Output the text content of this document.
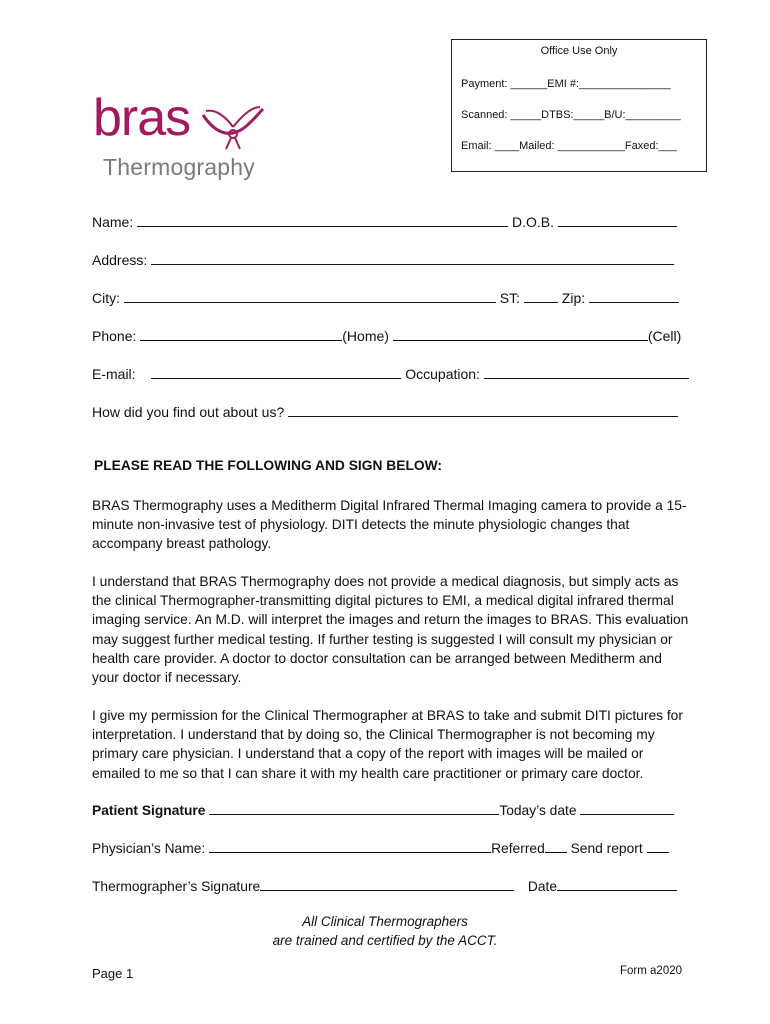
Office Use Only
Payment: ______EMI #:_______________
Scanned: _____DTBS:_____B/U:_________
Email: ____Mailed: ___________Faxed:___
bras
Thermography
Name:	D.O.B.
Address:
City:	ST:	Zip:
Phone:	(Home)	(Cell)
E-mail:	Occupation:
How did you find out about us?
PLEASE READ THE FOLLOWING AND SIGN BELOW:
BRAS Thermography uses a Meditherm Digital Infrared Thermal Imaging camera to provide a 15-minute non-invasive test of physiology. DITI detects the minute physiologic changes that accompany breast pathology.
I understand that BRAS Thermography does not provide a medical diagnosis, but simply acts as the clinical Thermographer-transmitting digital pictures to EMI, a medical digital infrared thermal imaging service. An M.D. will interpret the images and return the images to BRAS. This evaluation may suggest further medical testing. If further testing is suggested I will consult my physician or health care provider. A doctor to doctor consultation can be arranged between Meditherm and your doctor if necessary.
I give my permission for the Clinical Thermographer at BRAS to take and submit DITI pictures for interpretation. I understand that by doing so, the Clinical Thermographer is not becoming my primary care physician. I understand that a copy of the report with images will be mailed or emailed to me so that I can share it with my health care practitioner or primary care doctor.
Patient Signature	Today’s date
Physician’s Name:	Referred Send report
Thermographer’s Signature	Date
All Clinical Thermographers
are trained and certified by the ACCT.
Page 1	Form a2020
